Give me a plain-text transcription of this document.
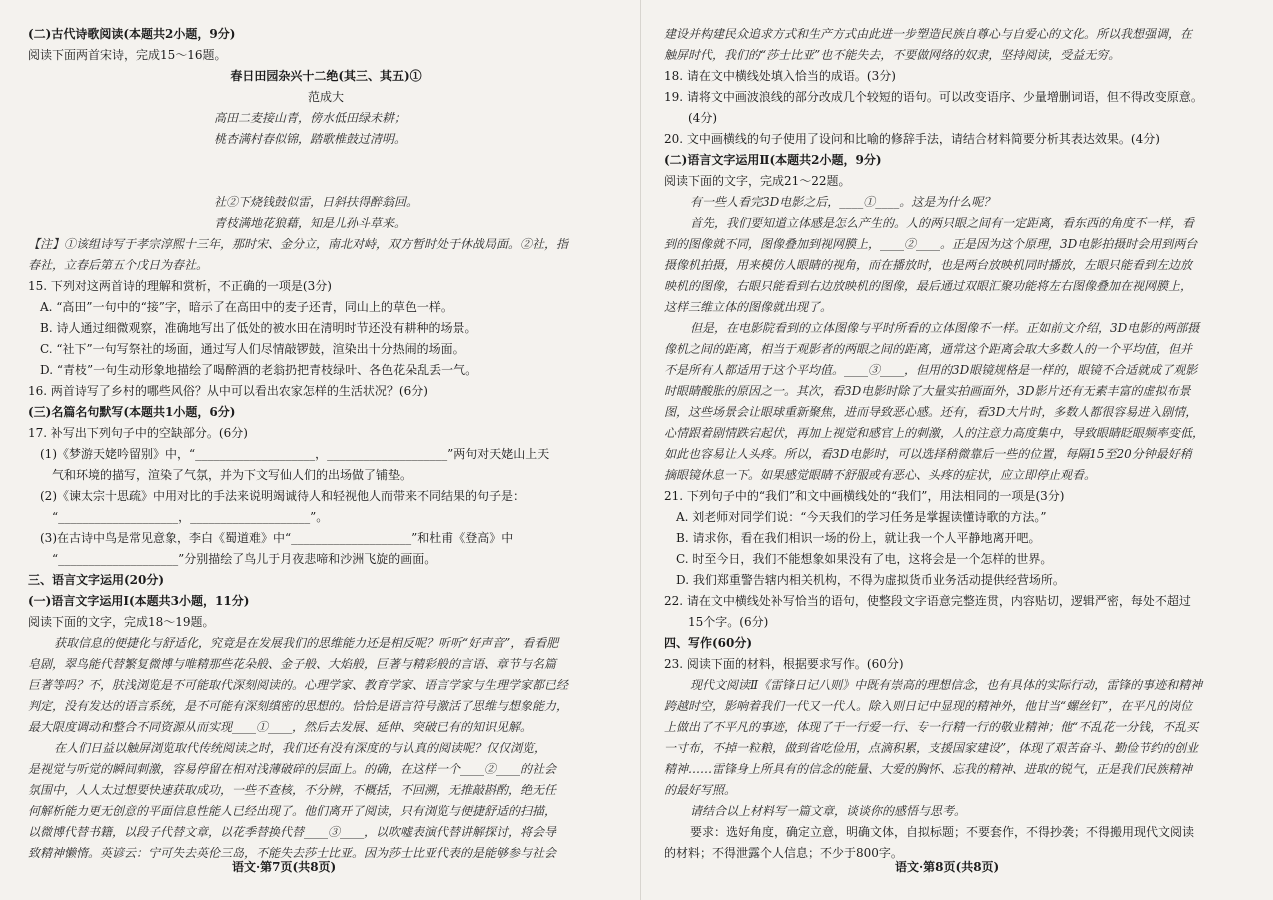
(二)古代诗歌阅读(本题共2小题，9分)
阅读下面两首宋诗，完成15～16题。
春日田园杂兴十二绝(其三、其五)①
范成大
高田二麦接山青，傍水低田绿未耕；
桃杏满村春似锦，踏歌椎鼓过清明。
社②下烧钱鼓似雷，日斜扶得醉翁回。
青枝满地花狼藉，知是儿孙斗草来。
【注】①该组诗写于孝宗淳熙十三年，那时宋、金分立，南北对峙，双方暂时处于休战局面。②社，指
春社，立春后第五个戊日为春社。
15. 下列对这两首诗的理解和赏析，不正确的一项是(3分)
A. “高田”一句中的“接”字，暗示了在高田中的麦子还青，同山上的草色一样。
B. 诗人通过细微观察，准确地写出了低处的被水田在清明时节还没有耕种的场景。
C. “社下”一句写祭社的场面，通过写人们尽情敲锣鼓，渲染出十分热闹的场面。
D. “青枝”一句生动形象地描绘了喝醉酒的老翁扔把青枝绿叶、各色花朵乱丢一气。
16. 两首诗写了乡村的哪些风俗？从中可以看出农家怎样的生活状况？(6分)
(三)名篇名句默写(本题共1小题，6分)
17. 补写出下列句子中的空缺部分。(6分)
(1)《梦游天姥吟留别》中，“____________________，____________________”两句对天姥山上天
气和环境的描写，渲染了气氛，并为下文写仙人们的出场做了铺垫。
(2)《谏太宗十思疏》中用对比的手法来说明竭诚待人和轻视他人而带来不同结果的句子是：
“____________________，____________________”。
(3)在古诗中鸟是常见意象，李白《蜀道难》中“____________________”和杜甫《登高》中
“____________________”分别描绘了鸟儿于月夜悲啼和沙洲飞旋的画面。
三、语言文字运用(20分)
(一)语言文字运用Ⅰ(本题共3小题，11分)
阅读下面的文字，完成18～19题。
获取信息的便捷化与舒适化，究竟是在发展我们的思维能力还是相反呢？听听“好声音”，看看肥
皂剧，翠鸟能代替繁复微博与唯精那些花朵般、金子般、大焰般，巨著与精彩般的言语、章节与名篇
巨著等吗？不，肤浅浏览是不可能取代深刻阅读的。心理学家、教育学家、语言学家与生理学家都已经
判定，没有发达的语言系统，是不可能有深刻缜密的思想的。恰恰是语言符号激活了思维与想象能力，
最大限度调动和整合不同资源从而实现____①____，然后去发展、延伸、突破已有的知识见解。
在人们日益以触屏浏览取代传统阅读之时，我们还有没有深度的与认真的阅读呢？仅仅浏览，
是视觉与听觉的瞬间刺激，容易停留在相对浅薄破碎的层面上。的确，在这样一个____②____的社会
氛围中，人人太过想要快速获取成功，一些不查核，不分辨，不概括，不回溯，无推敲斟酌，绝无任
何解析能力更无创意的平面信息性能人已经出现了。他们离开了阅读，只有浏览与便捷舒适的扫描，
以微博代替书籍，以段子代替文章，以花季替换代替____③____，以吹嘘表演代替讲解探讨，将会导
致精神懒惰。英谚云：宁可失去英伦三岛，不能失去莎士比亚。因为莎士比亚代表的是能够参与社会
建设并构建民众追求方式和生产方式由此进一步塑造民族自尊心与自爱心的文化。所以我想强调，在
触屏时代，我们的“莎士比亚”也不能失去，不要做网络的奴隶，坚持阅读，受益无穷。
18. 请在文中横线处填入恰当的成语。(3分)
19. 请将文中画波浪线的部分改成几个较短的语句。可以改变语序、少量增删词语，但不得改变原意。
(4分)
20. 文中画横线的句子使用了设问和比喻的修辞手法，请结合材料简要分析其表达效果。(4分)
(二)语言文字运用Ⅱ(本题共2小题，9分)
阅读下面的文字，完成21～22题。
有一些人看完3D电影之后，____①____。这是为什么呢？
首先，我们要知道立体感是怎么产生的。人的两只眼之间有一定距离，看东西的角度不一样，看
到的图像就不同，图像叠加到视网膜上，____②____。正是因为这个原理，3D电影拍摄时会用到两台
摄像机拍摄，用来模仿人眼睛的视角，而在播放时，也是两台放映机同时播放，左眼只能看到左边放
映机的图像，右眼只能看到右边放映机的图像，最后通过双眼汇聚功能将左右图像叠加在视网膜上，
这样三维立体的图像就出现了。
但是，在电影院看到的立体图像与平时所看的立体图像不一样。正如前文介绍，3D电影的两部摄
像机之间的距离，相当于观影者的两眼之间的距离，通常这个距离会取大多数人的一个平均值，但并
不是所有人都适用于这个平均值。____③____，但用的3D眼镜规格是一样的，眼镜不合适就成了观影
时眼睛酸胀的原因之一。其次，看3D电影时除了大量实拍画面外，3D影片还有无素丰富的虚拟布景
图，这些场景会让眼球重新聚焦，进而导致恶心感。还有，看3D大片时，多数人都很容易进入剧情，
心情跟着剧情跌宕起伏，再加上视觉和感官上的刺激，人的注意力高度集中，导致眼睛眨眼频率变低，
如此也容易让人头疼。所以，看3D电影时，可以选择稍微靠后一些的位置，每隔15至20分钟最好稍
摘眼镜休息一下。如果感觉眼睛不舒服或有恶心、头疼的症状，应立即停止观看。
21. 下列句子中的“我们”和文中画横线处的“我们”，用法相同的一项是(3分)
A. 刘老师对同学们说：“今天我们的学习任务是掌握读懂诗歌的方法。”
B. 请求你，看在我们相识一场的份上，就让我一个人平静地离开吧。
C. 时至今日，我们不能想象如果没有了电，这将会是一个怎样的世界。
D. 我们郑重警告辖内相关机构，不得为虚拟货币业务活动提供经营场所。
22. 请在文中横线处补写恰当的语句，使整段文字语意完整连贯，内容贴切，逻辑严密，每处不超过
15个字。(6分)
四、写作(60分)
23. 阅读下面的材料，根据要求写作。(60分)
现代文阅读Ⅱ《雷锋日记八则》中既有崇高的理想信念，也有具体的实际行动，雷锋的事迹和精神
跨越时空，影响着我们一代又一代人。除入则日记中显现的精神外，他甘当“螺丝钉”，在平凡的岗位
上做出了不平凡的事迹，体现了干一行爱一行、专一行精一行的敬业精神；他“不乱花一分钱，不乱买
一寸布，不掉一粒粮，做到省吃俭用，点滴积累，支援国家建设”，体现了艰苦奋斗、勤俭节约的创业
精神……雷锋身上所具有的信念的能量、大爱的胸怀、忘我的精神、进取的锐气，正是我们民族精神
的最好写照。
请结合以上材料写一篇文章，谈谈你的感悟与思考。
要求：选好角度，确定立意，明确文体，自拟标题；不要套作，不得抄袭；不得搬用现代文阅读
的材料；不得泄露个人信息；不少于800字。
语文·第7页(共8页)	语文·第8页(共8页)
